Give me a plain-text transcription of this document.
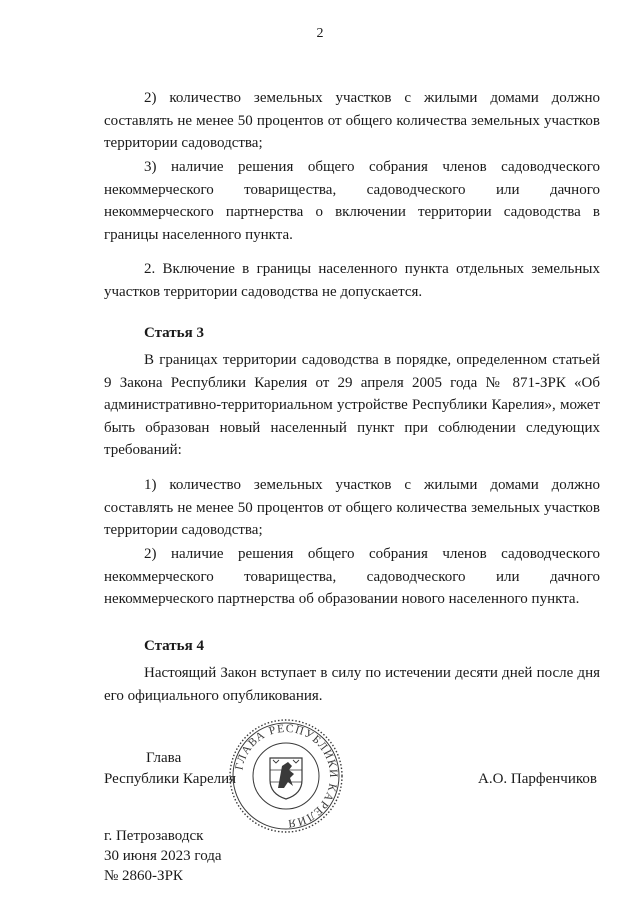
2

2) количество земельных участков с жилыми домами должно составлять не менее 50 процентов от общего количества земельных участков территории садоводства;

3) наличие решения общего собрания членов садоводческого некоммерческого товарищества, садоводческого или дачного некоммерческого партнерства о включении территории садоводства в границы населенного пункта.

2. Включение в границы населенного пункта отдельных земельных участков территории садоводства не допускается.

Статья 3

В границах территории садоводства в порядке, определенном статьей 9 Закона Республики Карелия от 29 апреля 2005 года № 871-ЗРК «Об административно-территориальном устройстве Республики Карелия», может быть образован новый населенный пункт при соблюдении следующих требований:

1) количество земельных участков с жилыми домами должно составлять не менее 50 процентов от общего количества земельных участков территории садоводства;

2) наличие решения общего собрания членов садоводческого некоммерческого товарищества, садоводческого или дачного некоммерческого партнерства об образовании нового населенного пункта.

Статья 4

Настоящий Закон вступает в силу по истечении десяти дней после дня его официального опубликования.

Глава
Республики Карелия	А.О. Парфенчиков
ГЛАВА РЕСПУБЛИКИ КАРЕЛИЯ
г. Петрозаводск
30 июня 2023 года
№ 2860-ЗРК
